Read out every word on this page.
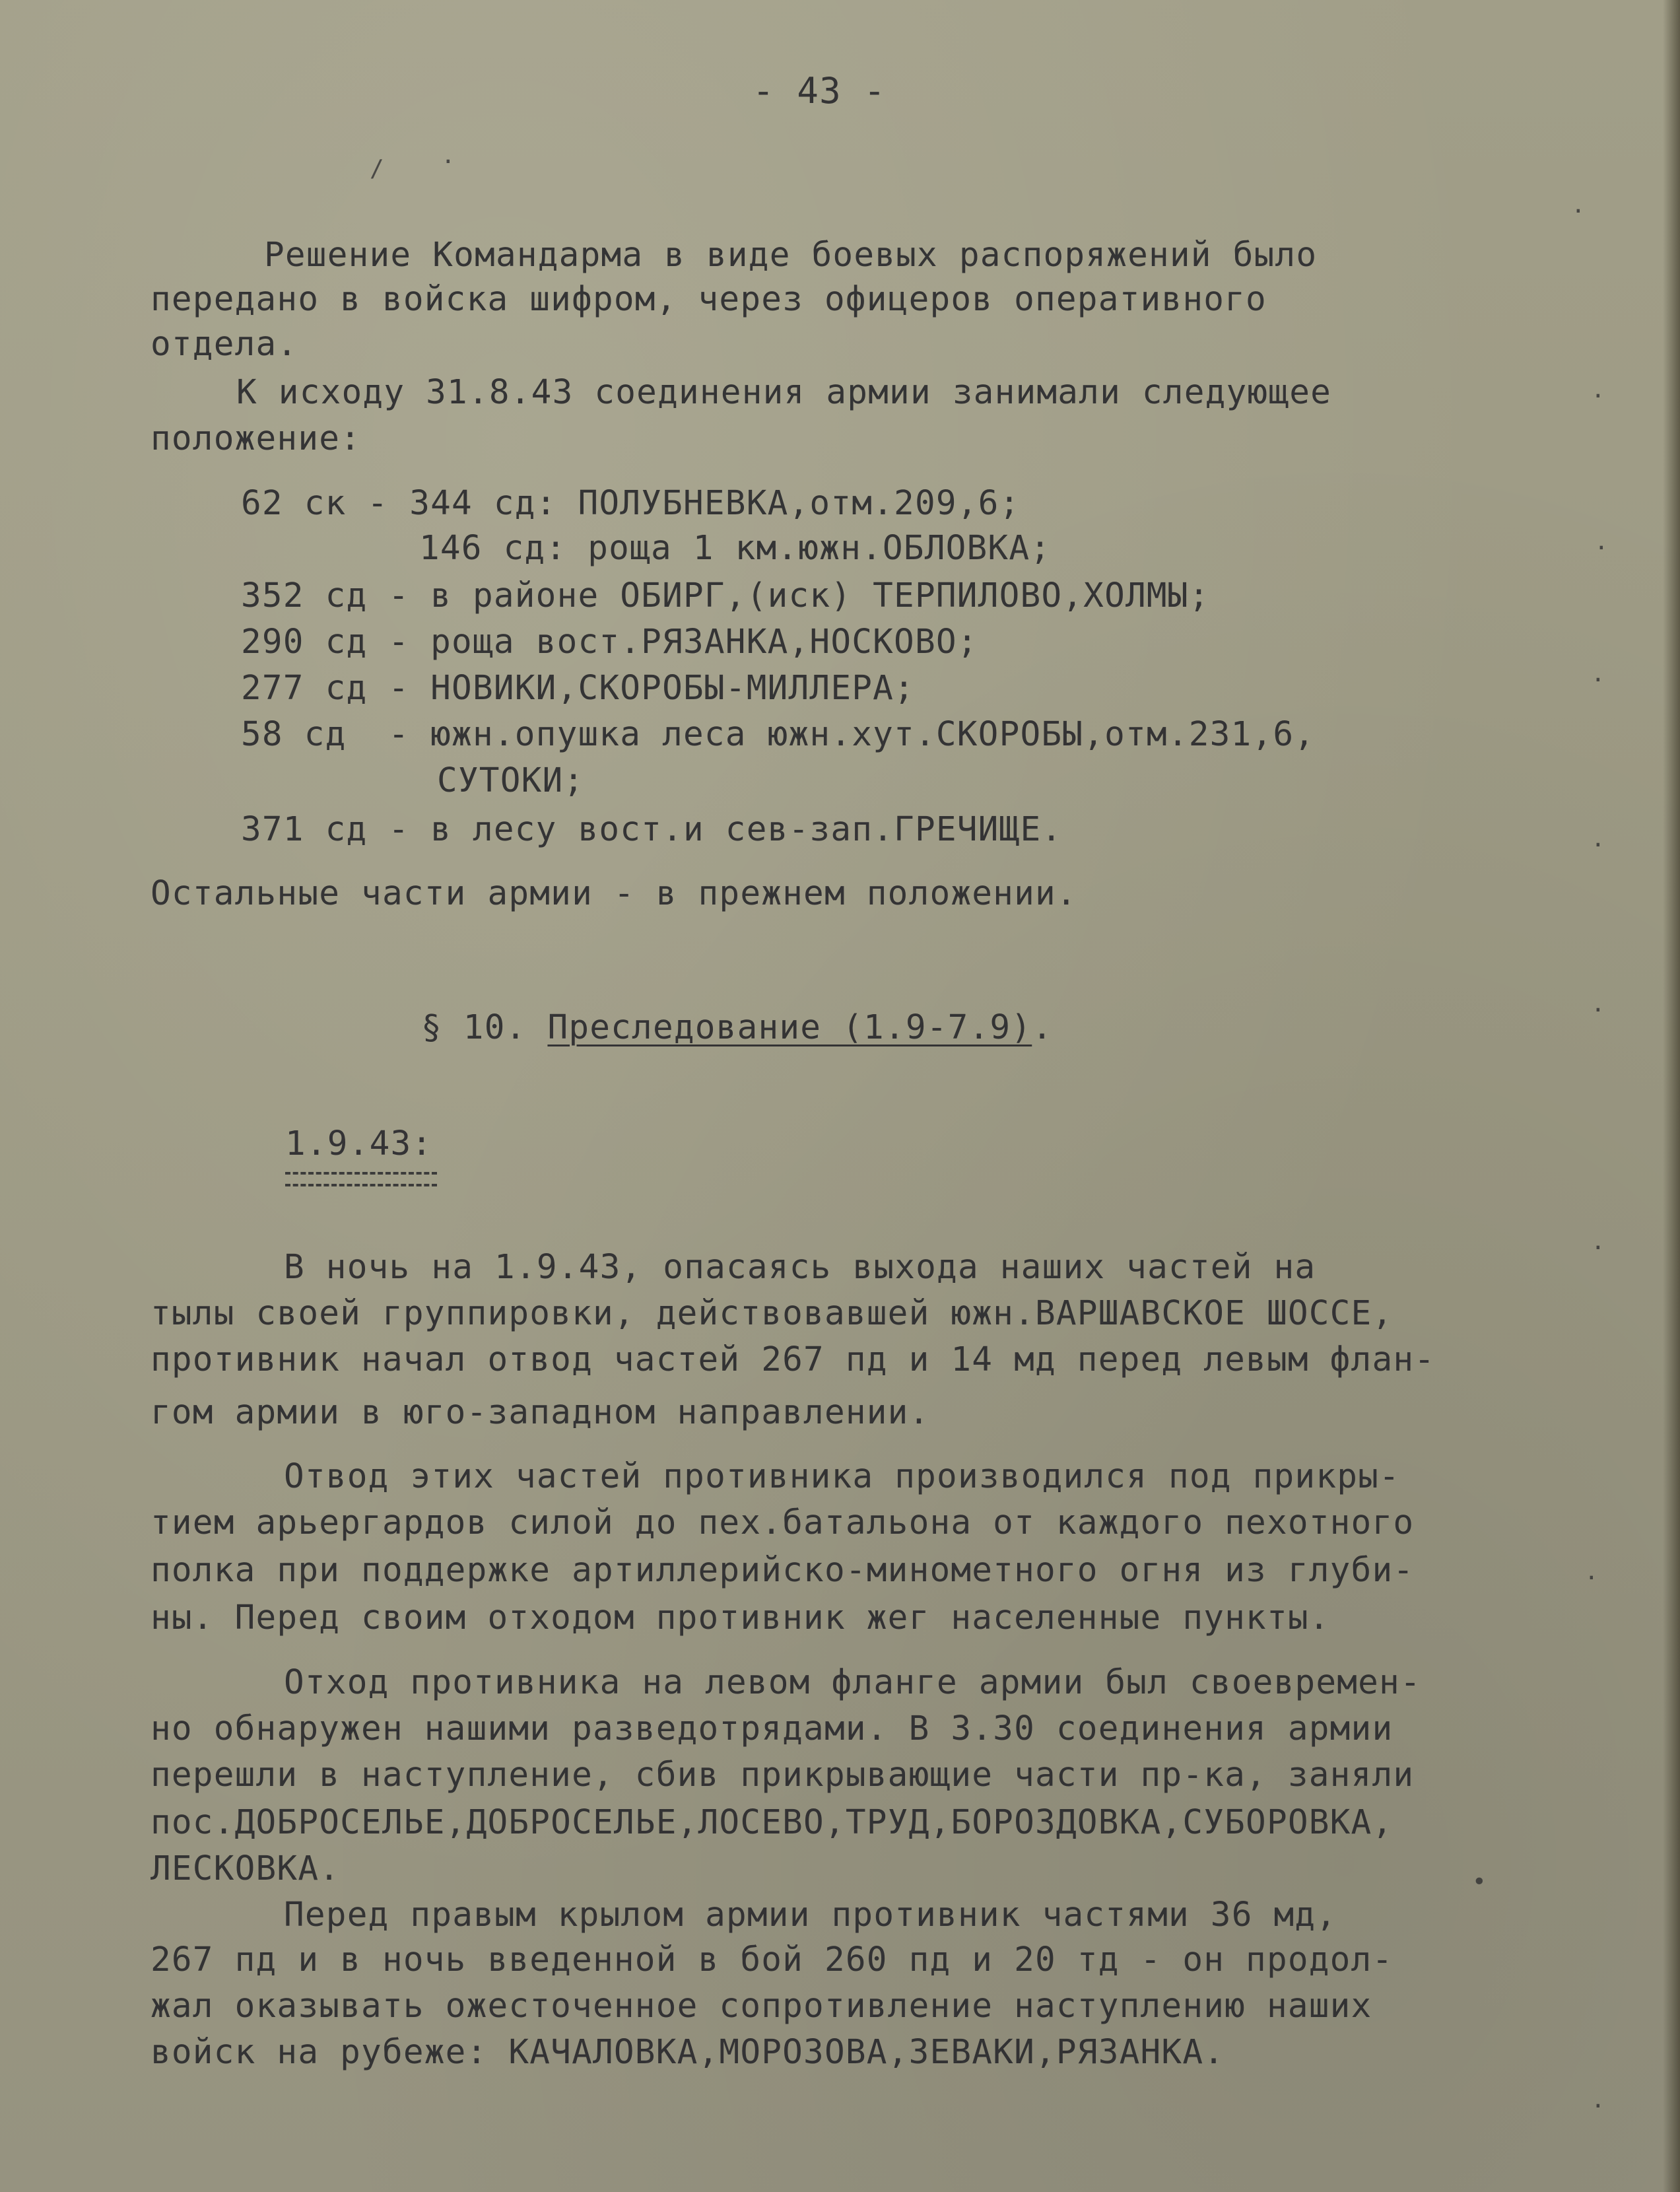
- 43 -
Решение Командарма в виде боевых распоряжений было
передано в войска шифром, через офицеров оперативного
отдела.
К исходу 31.8.43 соединения армии занимали следующее
положение:
62 ск - 344 сд: ПОЛУБНЕВКА,отм.209,6;
146 сд: роща 1 км.южн.ОБЛОВКА;
352 сд - в районе ОБИРГ,(иск) ТЕРПИЛОВО,ХОЛМЫ;
290 сд - роща вост.РЯЗАНКА,НОСКОВО;
277 сд - НОВИКИ,СКОРОБЫ-МИЛЛЕРА;
58 сд  - южн.опушка леса южн.хут.СКОРОБЫ,отм.231,6,
СУТОКИ;
371 сд - в лесу вост.и сев-зап.ГРЕЧИЩЕ.
Остальные части армии - в прежнем положении.
§ 10. Преследование (1.9-7.9).
1.9.43:
В ночь на 1.9.43, опасаясь выхода наших частей на
тылы своей группировки, действовавшей южн.ВАРШАВСКОЕ ШОССЕ,
противник начал отвод частей 267 пд и 14 мд перед левым флан-
гом армии в юго-западном направлении.
Отвод этих частей противника производился под прикры-
тием арьергардов силой до пех.батальона от каждого пехотного
полка при поддержке артиллерийско-минометного огня из глуби-
ны. Перед своим отходом противник жег населенные пункты.
Отход противника на левом фланге армии был своевремен-
но обнаружен нашими разведотрядами. В 3.30 соединения армии
перешли в наступление, сбив прикрывающие части пр-ка, заняли
пос.ДОБРОСЕЛЬЕ,ДОБРОСЕЛЬЕ,ЛОСЕВО,ТРУД,БОРОЗДОВКА,СУБОРОВКА,
ЛЕСКОВКА.
Перед правым крылом армии противник частями 36 мд,
267 пд и в ночь введенной в бой 260 пд и 20 тд - он продол-
жал оказывать ожесточенное сопротивление наступлению наших
войск на рубеже: КАЧАЛОВКА,МОРОЗОВА,ЗЕВАКИ,РЯЗАНКА.
·
·
·
·
·
·
·
·
•
·
/ ·
